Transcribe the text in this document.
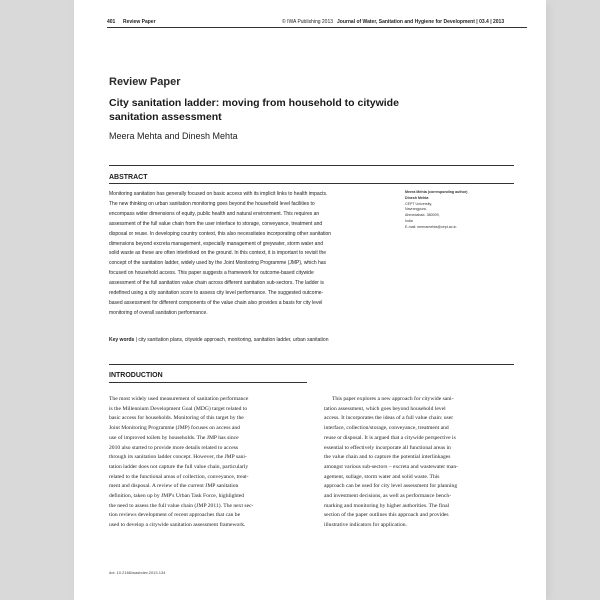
401 Review Paper	© IWA Publishing 2013 Journal of Water, Sanitation and Hygiene for Development | 03.4 | 2013
Review Paper
City sanitation ladder: moving from household to citywide sanitation assessment
Meera Mehta and Dinesh Mehta
ABSTRACT
Monitoring sanitation has generally focused on basic access with its implicit links to health impacts.
The new thinking on urban sanitation monitoring goes beyond the household level facilities to
encompass wider dimensions of equity, public health and natural environment. This requires an
assessment of the full value chain from the user interface to storage, conveyance, treatment and
disposal or reuse. In developing country context, this also necessitates incorporating other sanitation
dimensions beyond excreta management, especially management of greywater, storm water and
solid waste as these are often interlinked on the ground. In this context, it is important to revisit the
concept of the sanitation ladder, widely used by the Joint Monitoring Programme (JMP), which has
focused on household access. This paper suggests a framework for outcome-based citywide
assessment of the full sanitation value chain across different sanitation sub-sectors. The ladder is
redefined using a city sanitation score to assess city level performance. The suggested outcome-
based assessment for different components of the value chain also provides a basis for city level
monitoring of overall sanitation performance.
Key words | city sanitation plans, citywide approach, monitoring, sanitation ladder, urban sanitation
Meera Mehta (corresponding author)
Dinesh Mehta
CEPT University,
Navrangpura,
Ahmedabad- 380009,
India
E-mail: meeramehta@cept.ac.in
INTRODUCTION
The most widely used measurement of sanitation performance
is the Millennium Development Goal (MDG) target related to
basic access for households. Monitoring of this target by the
Joint Monitoring Programme (JMP) focuses on access and
use of improved toilets by households. The JMP has since
2010 also started to provide more details related to access
through its sanitation ladder concept. However, the JMP sani-
tation ladder does not capture the full value chain, particularly
related to the functional areas of collection, conveyance, treat-
ment and disposal. A review of the current JMP sanitation
definition, taken up by JMP's Urban Task Force, highlighted
the need to assess the full value chain (JMP 2011). The next sec-
tion reviews development of recent approaches that can be
used to develop a citywide sanitation assessment framework.
This paper explores a new approach for citywide sani-
tation assessment, which goes beyond household level
access. It incorporates the ideas of a full value chain: user
interface, collection/storage, conveyance, treatment and
reuse or disposal. It is argued that a citywide perspective is
essential to effectively incorporate all functional areas in
the value chain and to capture the potential interlinkages
amongst various sub-sectors – excreta and wastewater man-
agement, sullage, storm water and solid waste. This
approach can be used for city level assessment for planning
and investment decisions, as well as performance bench-
marking and monitoring by higher authorities. The final
section of the paper outlines this approach and provides
illustrative indicators for application.
doi: 10.2166/washdev.2013.134
